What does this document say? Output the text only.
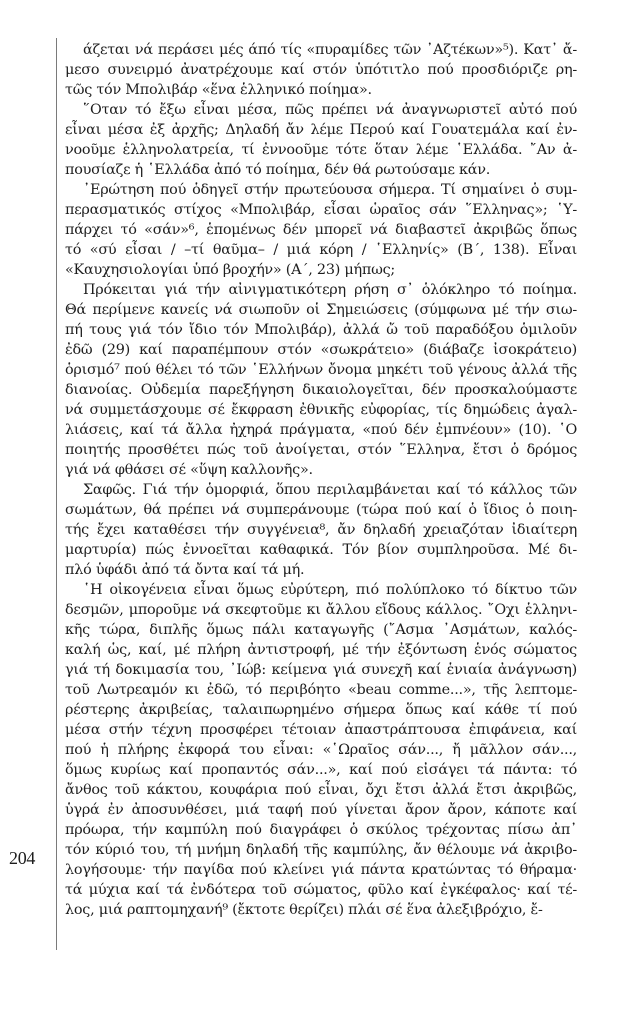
204

άζεται νά περάσει μές άπό τίς «πυραμίδες τῶν ᾿Αζτέκων»⁵). Κατ᾿ ἄ-
μεσο συνειρμό ἀνατρέχουμε καί στόν ὑπότιτλο πού προσδιόριζε ρη-
τῶς τόν Μπολιβάρ «ἕνα ἑλληνικό ποίημα».

῞Οταν τό ἔξω εἶναι μέσα, πῶς πρέπει νά ἀναγνωριστεῖ αὐτό πού
εἶναι μέσα ἐξ ἀρχῆς; Δηλαδή ἄν λέμε Περού καί Γουατεμάλα καί ἐν-
νοοῦμε ἑλληνολατρεία, τί ἐννοοῦμε τότε ὅταν λέμε ῾Ελλάδα. ῎Αν ἀ-
πουσίαζε ἡ ῾Ελλάδα ἀπό τό ποίημα, δέν θά ρωτούσαμε κάν.

᾿Ερώτηση πού ὁδηγεῖ στήν πρωτεύουσα σήμερα. Τί σημαίνει ὁ συμ-
περασματικός στίχος «Μπολιβάρ, εἶσαι ὡραῖος σάν ῞Ελληνας»; ῾Υ-
πάρχει τό «σάν»⁶, ἑπομένως δέν μπορεῖ νά διαβαστεῖ ἀκριβῶς ὅπως
τό «σύ εἶσαι / –τί θαῦμα– / μιά κόρη / ῾Ελληνίς» (Β΄, 138). Εἶναι
«Καυχησιολογίαι ὑπό βροχήν» (Α΄, 23) μήπως;

Πρόκειται γιά τήν αἰνιγματικότερη ρήση σ᾿ ὁλόκληρο τό ποίημα.
Θά περίμενε κανείς νά σιωποῦν οἱ Σημειώσεις (σύμφωνα μέ τήν σιω-
πή τους γιά τόν ἴδιο τόν Μπολιβάρ), ἀλλά ὤ τοῦ παραδόξου ὁμιλοῦν
ἐδῶ (29) καί παραπέμπουν στόν «σωκράτειο» (διάβαζε ἰσοκράτειο)
ὁρισμό⁷ πού θέλει τό τῶν ῾Ελλήνων ὄνομα μηκέτι τοῦ γένους ἀλλά τῆς
διανοίας. Οὐδεμία παρεξήγηση δικαιολογεῖται, δέν προσκαλούμαστε
νά συμμετάσχουμε σέ ἔκφραση ἐθνικῆς εὐφορίας, τίς δημώδεις ἀγαλ-
λιάσεις, καί τά ἄλλα ἠχηρά πράγματα, «πού δέν ἐμπνέουν» (10). ῾Ο
ποιητής προσθέτει πώς τοῦ ἀνοίγεται, στόν ῞Ελληνα, ἔτσι ὁ δρόμος
γιά νά φθάσει σέ «ὕψη καλλονῆς».

Σαφῶς. Γιά τήν ὁμορφιά, ὅπου περιλαμβάνεται καί τό κάλλος τῶν
σωμάτων, θά πρέπει νά συμπεράνουμε (τώρα πού καί ὁ ἴδιος ὁ ποιη-
τής ἔχει καταθέσει τήν συγγένεια⁸, ἄν δηλαδή χρειαζόταν ἰδιαίτερη
μαρτυρία) πώς ἐννοεῖται καθαφικά. Τόν βίον συμπληροῦσα. Μέ δι-
πλό ὑφάδι ἀπό τά ὄντα καί τά μή.

῾Η οἰκογένεια εἶναι ὅμως εὐρύτερη, πιό πολύπλοκο τό δίκτυο τῶν
δεσμῶν, μποροῦμε νά σκεφτοῦμε κι ἄλλου εἴδους κάλλος. ῎Οχι ἑλληνι-
κῆς τώρα, διπλῆς ὅμως πάλι καταγωγῆς (῎Ασμα ᾿Ασμάτων, καλός-
καλή ὡς, καί, μέ πλήρη ἀντιστροφή, μέ τήν ἐξόντωση ἑνός σώματος
γιά τή δοκιμασία του, ᾿Ιώβ: κείμενα γιά συνεχῆ καί ἑνιαία ἀνάγνωση)
τοῦ Λωτρεαμόν κι ἐδῶ, τό περιβόητο «beau comme...», τῆς λεπτομε-
ρέστερης ἀκριβείας, ταλαιπωρημένο σήμερα ὅπως καί κάθε τί πού
μέσα στήν τέχνη προσφέρει τέτοιαν ἀπαστράπτουσα ἐπιφάνεια, καί
πού ἡ πλήρης ἐκφορά του εἶναι: «῾Ωραῖος σάν..., ἤ μᾶλλον σάν...,
ὅμως κυρίως καί προπαντός σάν...», καί πού εἰσάγει τά πάντα: τό
ἄνθος τοῦ κάκτου, κουφάρια πού εἶναι, ὄχι ἔτσι ἀλλά ἔτσι ἀκριβῶς,
ὑγρά ἐν ἀποσυνθέσει, μιά ταφή πού γίνεται ἄρον ἄρον, κάποτε καί
πρόωρα, τήν καμπύλη πού διαγράφει ὁ σκύλος τρέχοντας πίσω ἀπ᾿
τόν κύριό του, τή μνήμη δηλαδή τῆς καμπύλης, ἄν θέλουμε νά ἀκριβο-
λογήσουμε· τήν παγίδα πού κλείνει γιά πάντα κρατώντας τό θήραμα·
τά μύχια καί τά ἐνδότερα τοῦ σώματος, φῦλο καί ἐγκέφαλος· καί τέ-
λος, μιά ραπτομηχανή⁹ (ἔκτοτε θερίζει) πλάι σέ ἕνα ἀλεξιβρόχιο, ἔ-
